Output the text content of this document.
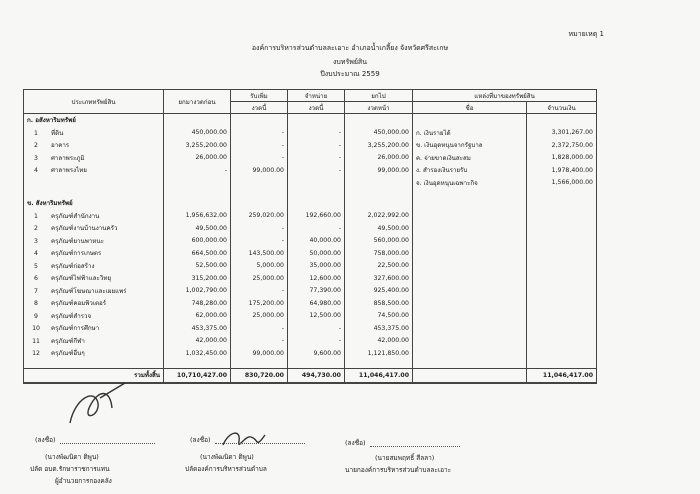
หมายเหตุ 1
องค์การบริหารส่วนตำบลละเอาะ อำเภอน้ำเกลี้ยง จังหวัดศรีสะเกษ
งบทรัพย์สิน
ปีงบประมาณ 2559
ประเภททรัพย์สิน	ยกมางวดก่อน	รับเพิ่ม	จำหน่าย	ยกไป	แหล่งที่มาของทรัพย์สิน	
		งวดนี้	งวดนี้	งวดหน้า	ชื่อ	จำนวนเงิน
ก. อสังหาริมทรัพย์						
1 ที่ดิน	450,000.00	-	-	450,000.00	ก. เงินรายได้	3,301,267.00
2 อาคาร	3,255,200.00	-	-	3,255,200.00	ข. เงินอุดหนุนจากรัฐบาล	2,372,750.00
3 ศาลาพระภูมิ	26,000.00	-	-	26,000.00	ค. จ่ายขาดเงินสะสม	1,828,000.00
4 ศาลาพรงไทย	-	99,000.00	-	99,000.00	ง. สำรองเงินรายรับ	1,978,400.00
					จ. เงินอุดหนุนเฉพาะกิจ	1,566,000.00

ข. สังหาริมทรัพย์						
1 ครุภัณฑ์สำนักงาน	1,956,632.00	259,020.00	192,660.00	2,022,992.00		
2 ครุภัณฑ์งานบ้านงานครัว	49,500.00	-	-	49,500.00		
3 ครุภัณฑ์ยานพาหนะ	600,000.00	-	40,000.00	560,000.00		
4 ครุภัณฑ์การเกษตร	664,500.00	143,500.00	50,000.00	758,000.00		
5 ครุภัณฑ์ก่อสร้าง	52,500.00	5,000.00	35,000.00	22,500.00		
6 ครุภัณฑ์ไฟฟ้าและวิทยุ	315,200.00	25,000.00	12,600.00	327,600.00		
7 ครุภัณฑ์โฆษณาและเผยแพร่	1,002,790.00	-	77,390.00	925,400.00		
8 ครุภัณฑ์คอมพิวเตอร์	748,280.00	175,200.00	64,980.00	858,500.00		
9 ครุภัณฑ์สำรวจ	62,000.00	25,000.00	12,500.00	74,500.00		
10 ครุภัณฑ์การศึกษา	453,375.00	-	-	453,375.00		
11 ครุภัณฑ์กีฬา	42,000.00	-	-	42,000.00		
12 ครุภัณฑ์อื่นๆ	1,032,450.00	99,000.00	9,600.00	1,121,850.00		

รวมทั้งสิ้น	10,710,427.00	830,720.00	494,730.00	11,046,417.00		11,046,417.00
(ลงชื่อ)	(ลงชื่อ)	(ลงชื่อ)
(นางพัฒนิดา ติพูน)
ปลัด อบต.รักษาราชการแทน
ผู้อำนวยการกองคลัง
(นางพัฒนิดา ติพูน)
ปลัดองค์การบริหารส่วนตำบล
(นายสมพฤทธิ์ สีลลา)
นายกองค์การบริหารส่วนตำบลละเอาะ
